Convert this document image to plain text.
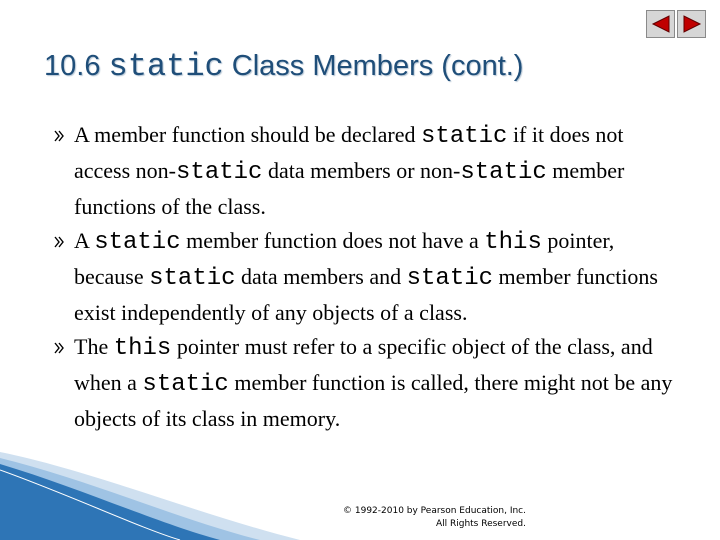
10.6 static Class Members (cont.)
A member function should be declared static if it does not access non-static data members or non-static member functions of the class.
A static member function does not have a this pointer, because static data members and static member functions exist independently of any objects of a class.
The this pointer must refer to a specific object of the class, and when a static member function is called, there might not be any objects of its class in memory.
© 1992-2010 by Pearson Education, Inc.
All Rights Reserved.
